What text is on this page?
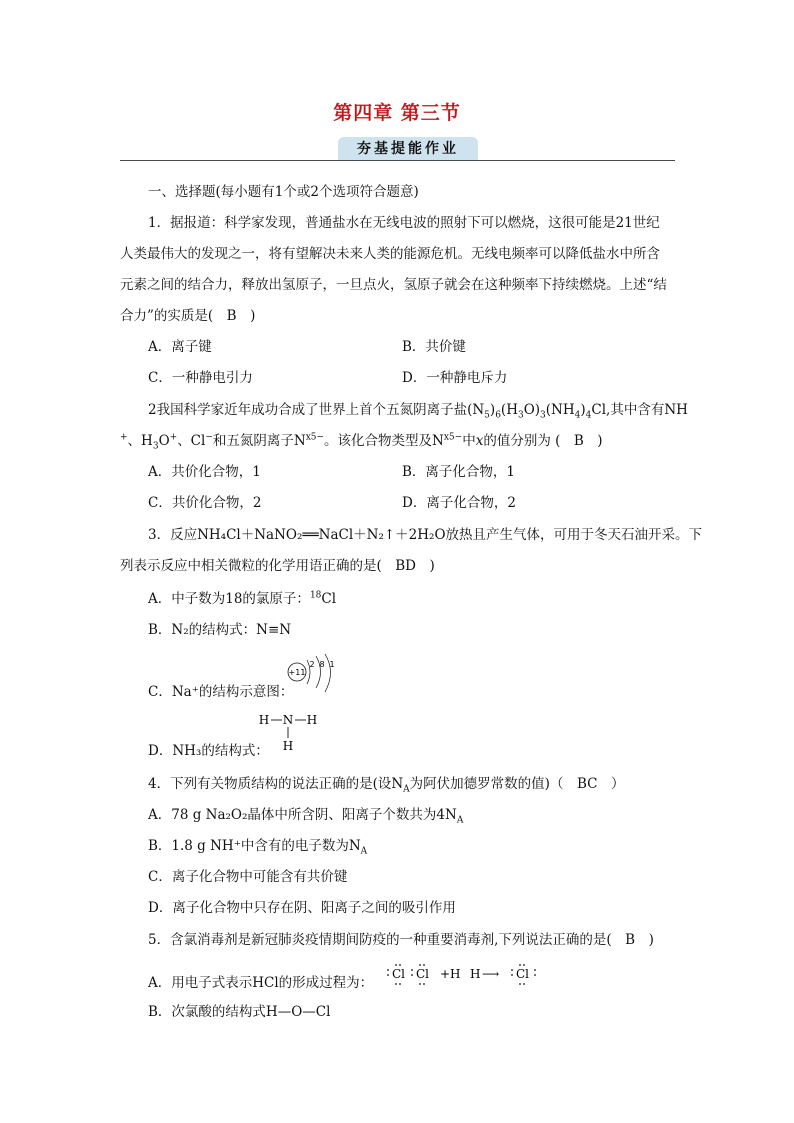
第四章 第三节
夯基提能作业
一、选择题(每小题有1个或2个选项符合题意)
1．据报道：科学家发现，普通盐水在无线电波的照射下可以燃烧，这很可能是21世纪
人类最伟大的发现之一，将有望解决未来人类的能源危机。无线电频率可以降低盐水中所含
元素之间的结合力，释放出氢原子，一旦点火，氢原子就会在这种频率下持续燃烧。上述“结
合力”的实质是(　B　)
A．离子键	B．共价键
C．一种静电引力	D．一种静电斥力
2我国科学家近年成功合成了世界上首个五氮阴离子盐$(N_5)_6(H_3O)_3(NH_4)_4Cl$,其中含有NH
+、$H_3O^+$、Cl−和五氮阴离子$N^{x5-}$。该化合物类型及$N^{x5-}$中x的值分别为 (　B　)
A．共价化合物，1	B．离子化合物，1
C．共价化合物，2	D．离子化合物，2
3．反应NH₄Cl＋NaNO₂══NaCl＋N₂↑＋2H₂O放热且产生气体，可用于冬天石油开采。下
列表示反应中相关微粒的化学用语正确的是(　BD　)
A．中子数为18的氯原子：$^{18}$Cl
B．N₂的结构式：N≡N
C．Na⁺的结构示意图：
+11
2 8 1
H N H
H
D．NH₃的结构式：
4．下列有关物质结构的说法正确的是(设$N_A$为阿伏加德罗常数的值)（　BC　）
A．78 g Na₂O₂晶体中所含阴、阳离子个数共为$4N_A$
B．1.8 g NH⁺中含有的电子数为$N_A$
C．离子化合物中可能含有共价键
D．离子化合物中只存在阴、阳离子之间的吸引作用
5．含氯消毒剂是新冠肺炎疫情期间防疫的一种重要消毒剂,下列说法正确的是(　B　)
A．用电子式表示HCl的形成过程为：
Cl Cl +H H ⟶ Cl
B．次氯酸的结构式H—O—Cl
